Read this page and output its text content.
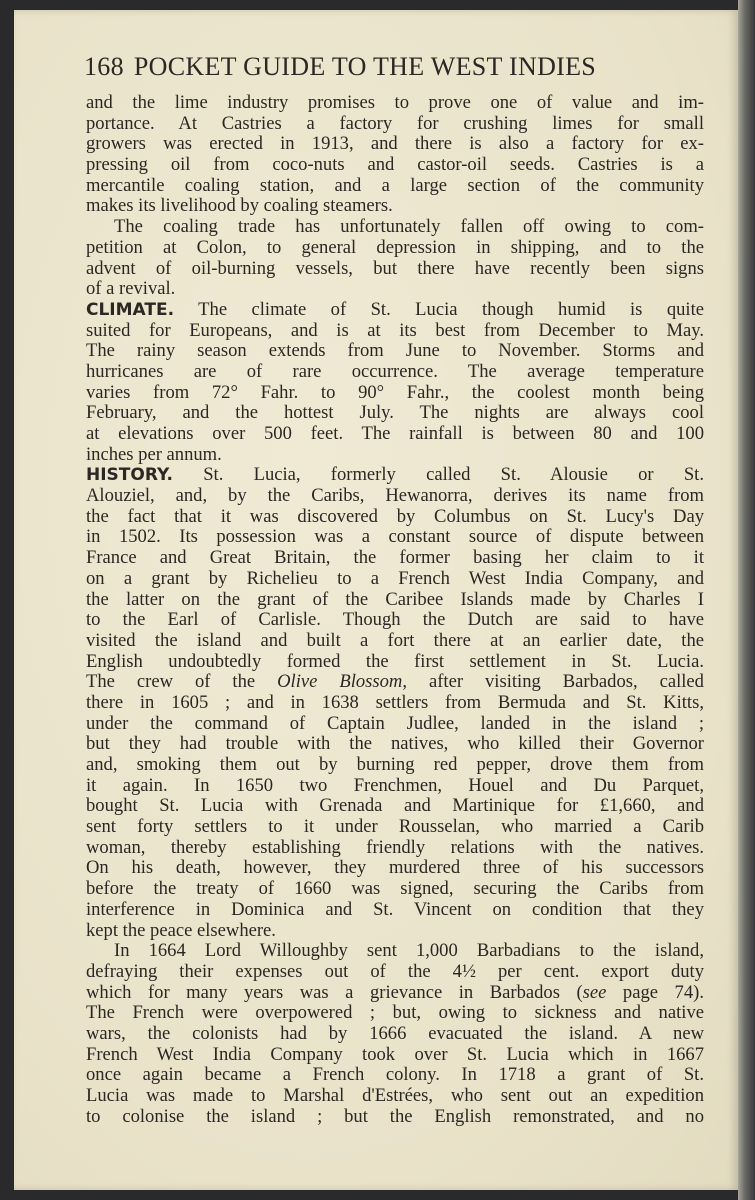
168 POCKET GUIDE TO THE WEST INDIES
and the lime industry promises to prove one of value and im-
portance. At Castries a factory for crushing limes for small
growers was erected in 1913, and there is also a factory for ex-
pressing oil from coco-nuts and castor-oil seeds. Castries is a
mercantile coaling station, and a large section of the community
makes its livelihood by coaling steamers.
The coaling trade has unfortunately fallen off owing to com-
petition at Colon, to general depression in shipping, and to the
advent of oil-burning vessels, but there have recently been signs
of a revival.
CLIMATE. The climate of St. Lucia though humid is quite
suited for Europeans, and is at its best from December to May.
The rainy season extends from June to November. Storms and
hurricanes are of rare occurrence. The average temperature
varies from 72° Fahr. to 90° Fahr., the coolest month being
February, and the hottest July. The nights are always cool
at elevations over 500 feet. The rainfall is between 80 and 100
inches per annum.
HISTORY. St. Lucia, formerly called St. Alousie or St.
Alouziel, and, by the Caribs, Hewanorra, derives its name from
the fact that it was discovered by Columbus on St. Lucy's Day
in 1502. Its possession was a constant source of dispute between
France and Great Britain, the former basing her claim to it
on a grant by Richelieu to a French West India Company, and
the latter on the grant of the Caribee Islands made by Charles I
to the Earl of Carlisle. Though the Dutch are said to have
visited the island and built a fort there at an earlier date, the
English undoubtedly formed the first settlement in St. Lucia.
The crew of the Olive Blossom, after visiting Barbados, called
there in 1605 ; and in 1638 settlers from Bermuda and St. Kitts,
under the command of Captain Judlee, landed in the island ;
but they had trouble with the natives, who killed their Governor
and, smoking them out by burning red pepper, drove them from
it again. In 1650 two Frenchmen, Houel and Du Parquet,
bought St. Lucia with Grenada and Martinique for £1,660, and
sent forty settlers to it under Rousselan, who married a Carib
woman, thereby establishing friendly relations with the natives.
On his death, however, they murdered three of his successors
before the treaty of 1660 was signed, securing the Caribs from
interference in Dominica and St. Vincent on condition that they
kept the peace elsewhere.
In 1664 Lord Willoughby sent 1,000 Barbadians to the island,
defraying their expenses out of the 4½ per cent. export duty
which for many years was a grievance in Barbados (see page 74).
The French were overpowered ; but, owing to sickness and native
wars, the colonists had by 1666 evacuated the island. A new
French West India Company took over St. Lucia which in 1667
once again became a French colony. In 1718 a grant of St.
Lucia was made to Marshal d'Estrées, who sent out an expedition
to colonise the island ; but the English remonstrated, and no
